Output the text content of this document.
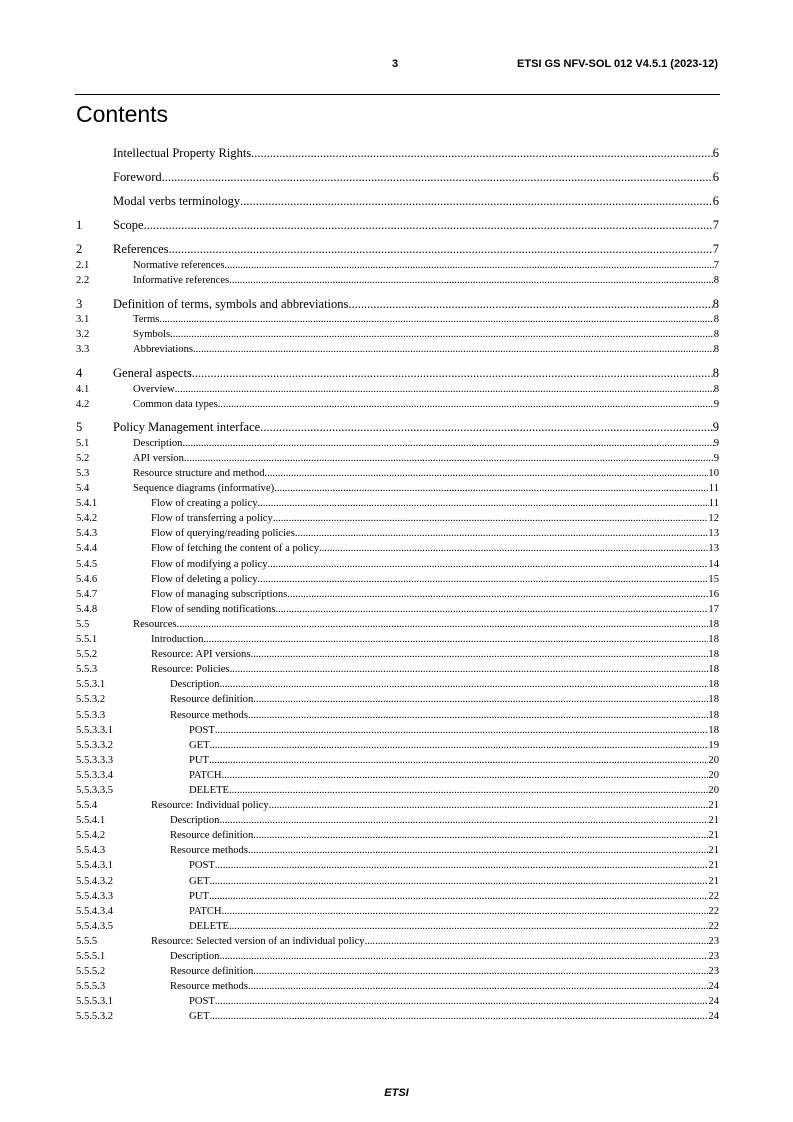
3	ETSI GS NFV-SOL 012 V4.5.1 (2023-12)
Contents
Intellectual Property Rights .....	6
Foreword .....	6
Modal verbs terminology .....	6
1	Scope .....	7
2	References .....	7
2.1	Normative references .....	7
2.2	Informative references .....	8
3	Definition of terms, symbols and abbreviations .....	8
3.1	Terms .....	8
3.2	Symbols .....	8
3.3	Abbreviations .....	8
4	General aspects .....	8
4.1	Overview .....	8
4.2	Common data types .....	9
5	Policy Management interface .....	9
5.1	Description .....	9
5.2	API version .....	9
5.3	Resource structure and method .....	10
5.4	Sequence diagrams (informative) .....	11
5.4.1	Flow of creating a policy .....	11
5.4.2	Flow of transferring a policy .....	12
5.4.3	Flow of querying/reading policies .....	13
5.4.4	Flow of fetching the content of a policy .....	13
5.4.5	Flow of modifying a policy .....	14
5.4.6	Flow of deleting a policy .....	15
5.4.7	Flow of managing subscriptions .....	16
5.4.8	Flow of sending notifications .....	17
5.5	Resources .....	18
5.5.1	Introduction .....	18
5.5.2	Resource: API versions .....	18
5.5.3	Resource: Policies .....	18
5.5.3.1	Description .....	18
5.5.3.2	Resource definition .....	18
5.5.3.3	Resource methods .....	18
5.5.3.3.1	POST .....	18
5.5.3.3.2	GET .....	19
5.5.3.3.3	PUT .....	20
5.5.3.3.4	PATCH .....	20
5.5.3.3.5	DELETE .....	20
5.5.4	Resource: Individual policy .....	21
5.5.4.1	Description .....	21
5.5.4.2	Resource definition .....	21
5.5.4.3	Resource methods .....	21
5.5.4.3.1	POST .....	21
5.5.4.3.2	GET .....	21
5.5.4.3.3	PUT .....	22
5.5.4.3.4	PATCH .....	22
5.5.4.3.5	DELETE .....	22
5.5.5	Resource: Selected version of an individual policy .....	23
5.5.5.1	Description .....	23
5.5.5.2	Resource definition .....	23
5.5.5.3	Resource methods .....	24
5.5.5.3.1	POST .....	24
5.5.5.3.2	GET .....	24
ETSI
